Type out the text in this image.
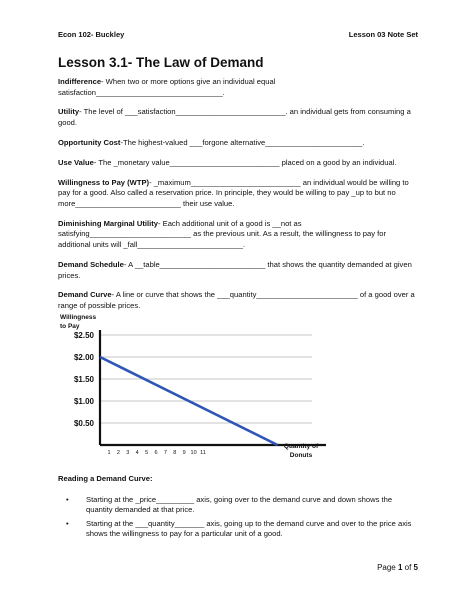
Econ 102- Buckley	Lesson 03 Note Set
Lesson 3.1- The Law of Demand

Indifference- When two or more options give an individual equal satisfaction______________________________.

Utility- The level of ___satisfaction__________________________. an individual gets from consuming a good.

Opportunity Cost-The highest-valued ___forgone alternative_______________________.

Use Value- The _monetary value__________________________ placed on a good by an individual.

Willingness to Pay (WTP)- _maximum__________________________ an individual would be willing to pay for a good. Also called a reservation price. In principle, they would be willing to pay _up to but no more_________________________ their use value.

Diminishing Marginal Utility- Each additional unit of a good is __not as satisfying________________________ as the previous unit. As a result, the willingness to pay for additional units will _fall_________________________.

Demand Schedule- A __table_________________________ that shows the quantity demanded at given prices.

Demand Curve- A line or curve that shows the ___quantity________________________ of a good over a range of possible prices.

Willingness
to Pay
$2.50
$2.00
$1.50
$1.00
$0.50
1 2 3 4 5 6 7 8 9 10 11
Quantity of
Donuts
Reading a Demand Curve:
• Starting at the _price_________ axis, going over to the demand curve and down shows the quantity demanded at that price.
• Starting at the ___quantity_______ axis, going up to the demand curve and over to the price axis shows the willingness to pay for a particular unit of a good.
Page 1 of 5
